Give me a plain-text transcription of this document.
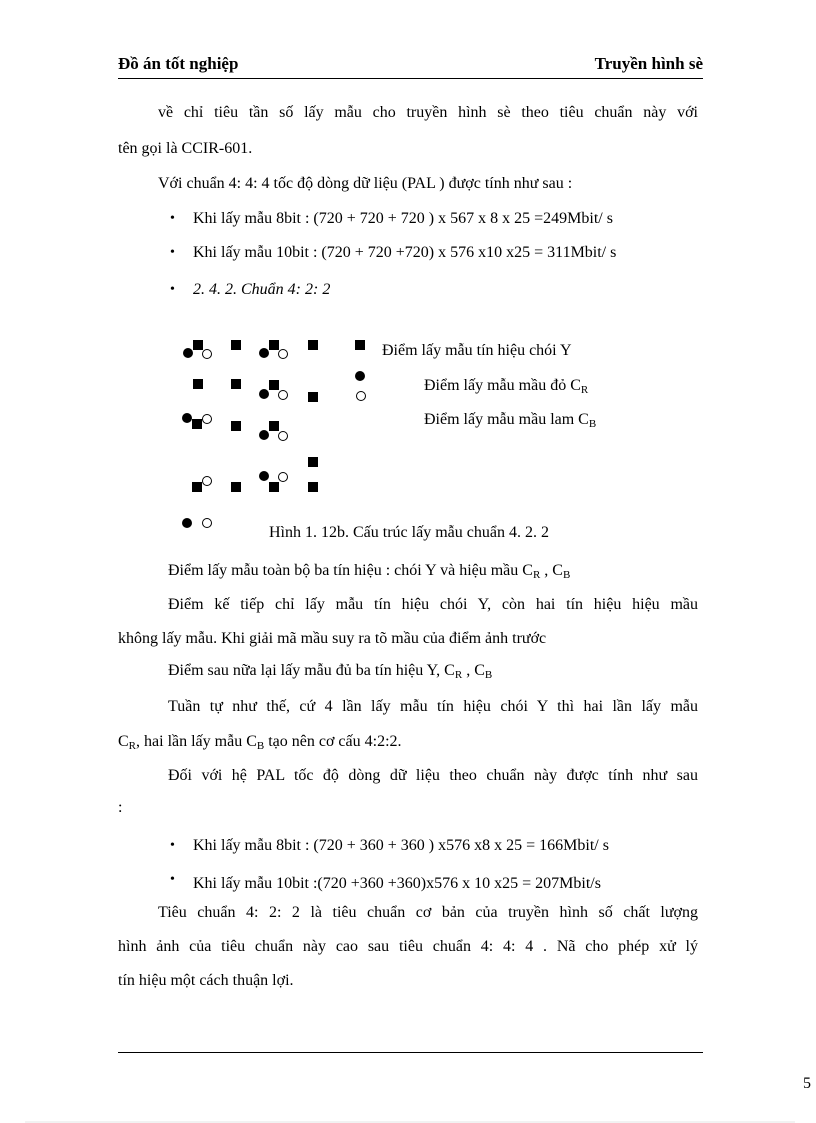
Đồ án tốt nghiệp	Truyền hình sè
về chỉ tiêu tần số lấy mẫu cho truyền hình sè theo tiêu chuẩn này với
tên gọi là CCIR-601.
Với chuẩn 4: 4: 4 tốc độ dòng dữ liệu (PAL ) được tính như sau :
• Khi lấy mẫu 8bit : (720 + 720 + 720 ) x 567 x 8 x 25 =249Mbit/ s
• Khi lấy mẫu 10bit : (720 + 720 +720) x 576 x10 x25 = 311Mbit/ s
• 2. 4. 2. Chuẩn 4: 2: 2
Điểm lấy mẫu tín hiệu chói Y
Điểm lấy mẫu mầu đỏ $C_R$
Điểm lấy mẫu mầu lam $C_B$
Hình 1. 12b. Cấu trúc lấy mẫu chuẩn 4. 2. 2
Điểm lấy mẫu toàn bộ ba tín hiệu : chói Y và hiệu mầu $C_R$ , $C_B$
Điểm kế tiếp chỉ lấy mẫu tín hiệu chói Y, còn hai tín hiệu hiệu mầu
không lấy mẫu. Khi giải mã mầu suy ra tõ mầu của điểm ảnh trước
Điểm sau nữa lại lấy mẫu đủ ba tín hiệu Y, $C_R$ , $C_B$
Tuần tự như thế, cứ 4 lần lấy mẫu tín hiệu chói Y thì hai lần lấy mẫu
$C_R$, hai lần lấy mẫu $C_B$ tạo nên cơ cấu 4:2:2.
Đối với hệ PAL tốc độ dòng dữ liệu theo chuẩn này được tính như sau
:
• Khi lấy mẫu 8bit : (720 + 360 + 360 ) x576 x8 x 25 = 166Mbit/ s
• Khi lấy mẫu 10bit :(720 +360 +360)x576 x 10 x25 = 207Mbit/s
Tiêu chuẩn 4: 2: 2 là tiêu chuẩn cơ bản của truyền hình số chất lượng
hình ảnh của tiêu chuẩn này cao sau tiêu chuẩn 4: 4: 4 . Nã cho phép xử lý
tín hiệu một cách thuận lợi.
5
